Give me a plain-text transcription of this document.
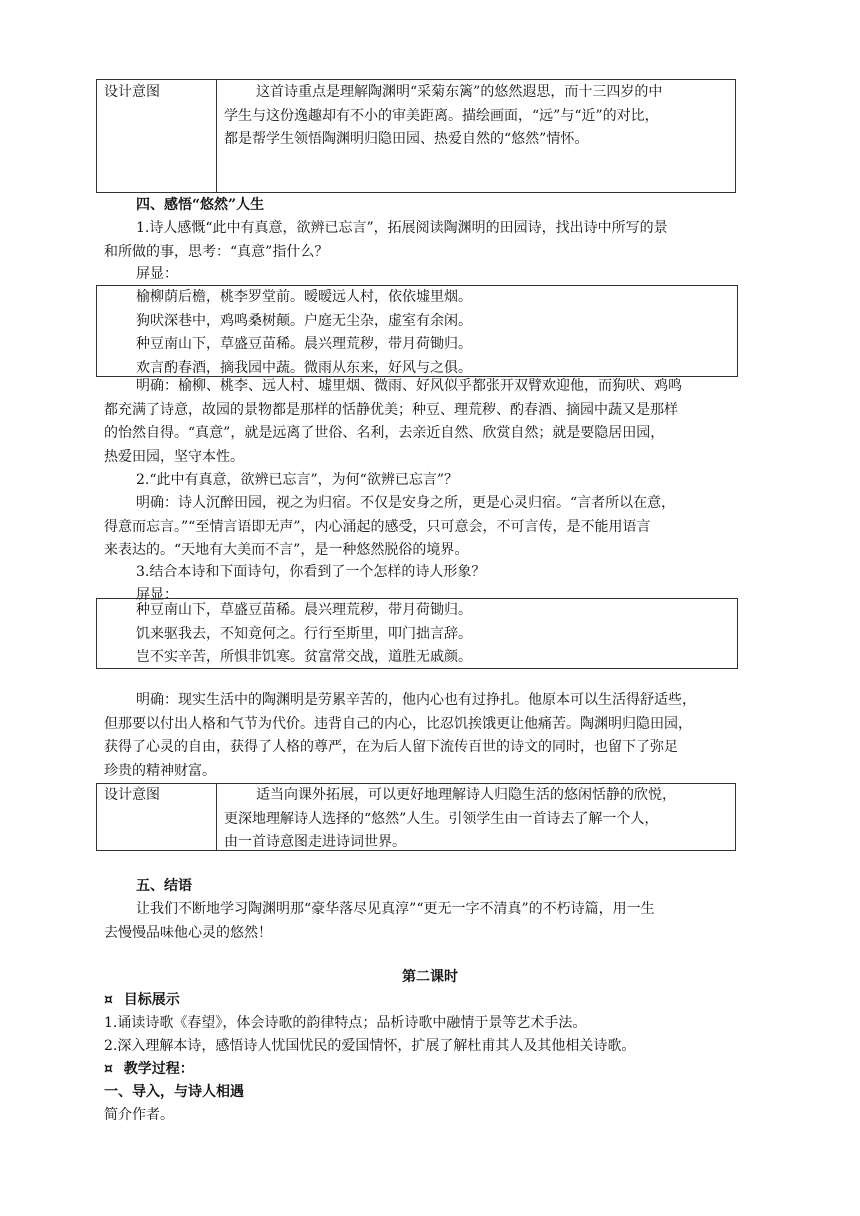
设计意图	这首诗重点是理解陶渊明“采菊东篱”的悠然遐思，而十三四岁的中
学生与这份逸趣却有不小的审美距离。描绘画面，“远”与“近”的对比，
都是帮学生领悟陶渊明归隐田园、热爱自然的“悠然”情怀。
四、感悟“悠然”人生
1.诗人感慨“此中有真意，欲辨已忘言”，拓展阅读陶渊明的田园诗，找出诗中所写的景
和所做的事，思考：“真意”指什么？
屏显：
榆柳荫后檐，桃李罗堂前。暧暧远人村，依依墟里烟。
狗吠深巷中，鸡鸣桑树颠。户庭无尘杂，虚室有余闲。
种豆南山下，草盛豆苗稀。晨兴理荒秽，带月荷锄归。
欢言酌春酒，摘我园中蔬。微雨从东来，好风与之俱。
明确：榆柳、桃李、远人村、墟里烟、微雨、好风似乎都张开双臂欢迎他，而狗吠、鸡鸣
都充满了诗意，故园的景物都是那样的恬静优美；种豆、理荒秽、酌春酒、摘园中蔬又是那样
的怡然自得。“真意”，就是远离了世俗、名利，去亲近自然、欣赏自然；就是要隐居田园，
热爱田园，坚守本性。
2.“此中有真意，欲辨已忘言”，为何“欲辨已忘言”？
明确：诗人沉醉田园，视之为归宿。不仅是安身之所，更是心灵归宿。“言者所以在意，
得意而忘言。”“至情言语即无声”，内心涌起的感受，只可意会，不可言传，是不能用语言
来表达的。“天地有大美而不言”，是一种悠然脱俗的境界。
3.结合本诗和下面诗句，你看到了一个怎样的诗人形象？
屏显：
种豆南山下，草盛豆苗稀。晨兴理荒秽，带月荷锄归。
饥来驱我去，不知竟何之。行行至斯里，叩门拙言辞。
岂不实辛苦，所惧非饥寒。贫富常交战，道胜无戚颜。
明确：现实生活中的陶渊明是劳累辛苦的，他内心也有过挣扎。他原本可以生活得舒适些，
但那要以付出人格和气节为代价。违背自己的内心，比忍饥挨饿更让他痛苦。陶渊明归隐田园，
获得了心灵的自由，获得了人格的尊严，在为后人留下流传百世的诗文的同时，也留下了弥足
珍贵的精神财富。
设计意图	适当向课外拓展，可以更好地理解诗人归隐生活的悠闲恬静的欣悦，
更深地理解诗人选择的“悠然”人生。引领学生由一首诗去了解一个人，
由一首诗意图走进诗词世界。
五、结语
让我们不断地学习陶渊明那“豪华落尽见真淳”“更无一字不清真”的不朽诗篇，用一生
去慢慢品味他心灵的悠然！
第二课时
¤ 目标展示
1.诵读诗歌《春望》，体会诗歌的韵律特点；品析诗歌中融情于景等艺术手法。
2.深入理解本诗，感悟诗人忧国忧民的爱国情怀，扩展了解杜甫其人及其他相关诗歌。
¤ 教学过程：
一、导入，与诗人相遇
简介作者。
